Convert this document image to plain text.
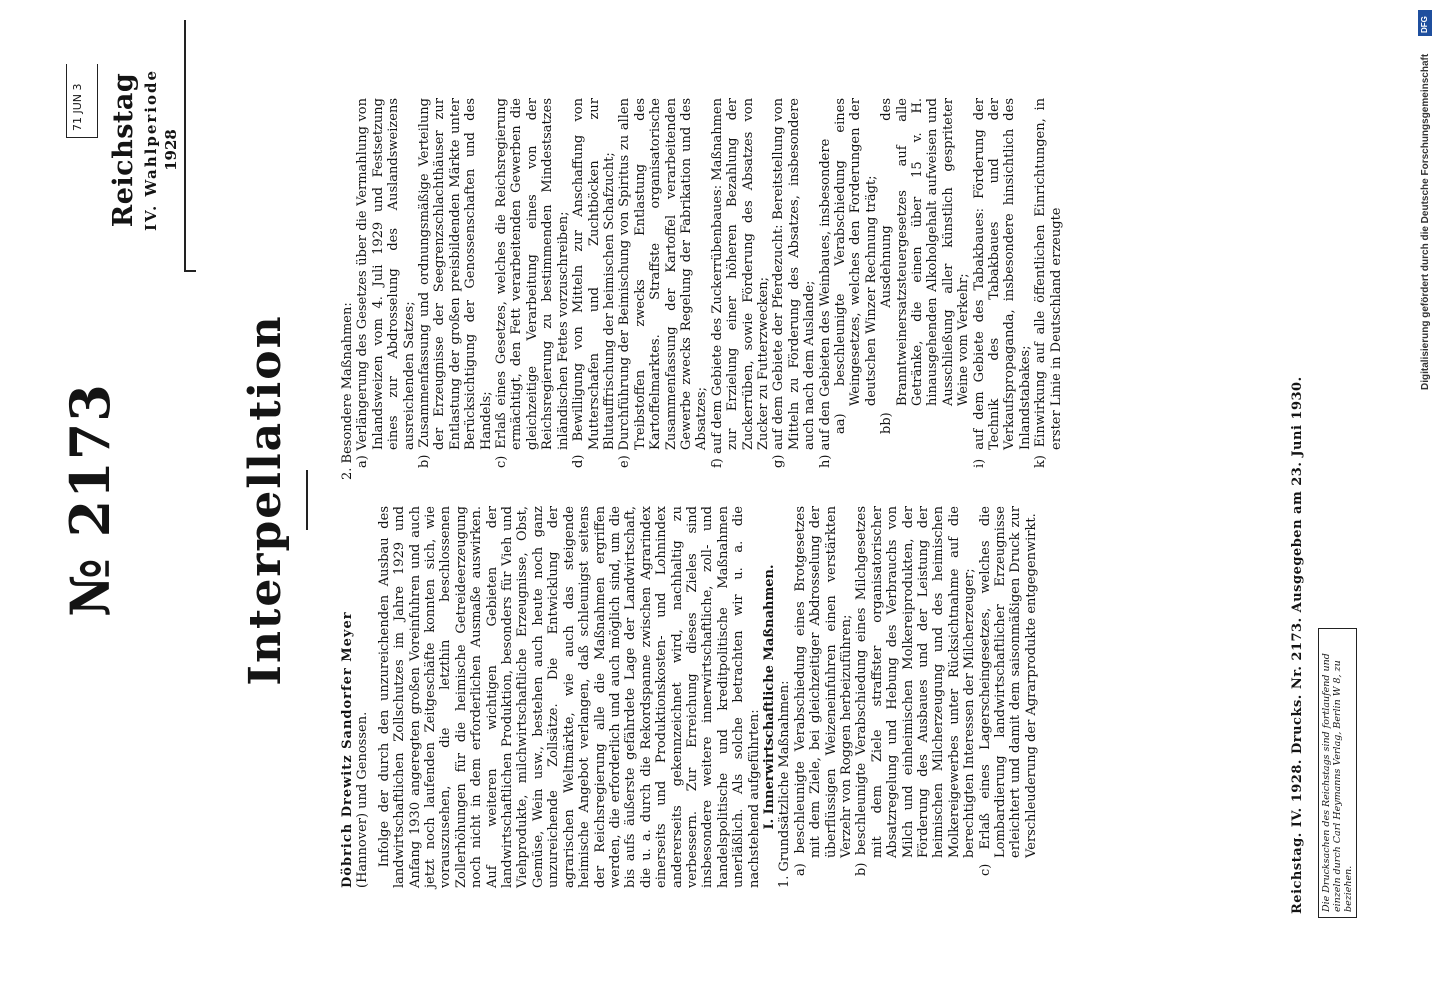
71 JUN 3 Reichstag IV. Wahlperiode 1928
№ 2173	Interpellation

Döbrich Drewitz Sandorfer Meyer (Hannover) und Genossen. Infolge der durch den unzureichenden Ausbau des landwirtschaftlichen Zollschutzes im Jahre 1929 und Anfang 1930 angeregten großen Voreinfuhren und auch jetzt noch laufenden Zeitgeschäfte konnten sich, wie vorauszusehen, die letzthin beschlossenen Zollerhöhungen für die heimische Getreideerzeugung noch nicht in dem erforderlichen Ausmaße auswirken. Auf weiteren wichtigen Gebieten der landwirtschaftlichen Produktion, besonders für Vieh und Viehprodukte, milchwirtschaftliche Erzeugnisse, Obst, Gemüse, Wein usw., bestehen auch heute noch ganz unzureichende Zollsätze. Die Entwicklung der agrarischen Weltmärkte, wie auch das steigende heimische Angebot verlangen, daß schleunigst seitens der Reichsregierung alle die Maßnahmen ergriffen werden, die erforderlich und auch möglich sind, um die bis aufs äußerste gefährdete Lage der Landwirtschaft, die u. a. durch die Rekordspanne zwischen Agrarindex einerseits und Produktionskosten- und Lohnindex andererseits gekennzeichnet wird, nachhaltig zu verbessern. Zur Erreichung dieses Zieles sind insbesondere weitere innerwirtschaftliche, zoll- und handelspolitische und kreditpolitische Maßnahmen unerläßlich. Als solche betrachten wir u. a. die nachstehend aufgeführten: I. Innerwirtschaftliche Maßnahmen. 1. Grundsätzliche Maßnahmen: a) beschleunigte Verabschiedung eines Brotgesetzes mit dem Ziele, bei gleichzeitiger Abdrosselung der überflüssigen Weizeneinfuhren einen verstärkten Verzehr von Roggen herbeizuführen; b) beschleunigte Verabschiedung eines Milchgesetzes mit dem Ziele straffster organisatorischer Absatzregelung und Hebung des Verbrauchs von Milch und einheimischen Molkereiprodukten, der Förderung des Ausbaues und der Leistung der heimischen Milcherzeugung und des heimischen Molkereigewerbes unter Rücksichtnahme auf die berechtigten Interessen der Milcherzeuger; c) Erlaß eines Lagerscheingesetzes, welches die Lombardierung landwirtschaftlicher Erzeugnisse erleichtert und damit dem saisonmäßigen Druck zur Verschleuderung der Agrarprodukte entgegenwirkt.

2. Besondere Maßnahmen: a) Verlängerung des Gesetzes über die Vermahlung von Inlandsweizen vom 4. Juli 1929 und Festsetzung eines zur Abdrosselung des Auslandsweizens ausreichenden Satzes; b) Zusammenfassung und ordnungsmäßige Verteilung der Erzeugnisse der Seegrenzschlachthäuser zur Entlastung der großen preisbildenden Märkte unter Berücksichtigung der Genossenschaften und des Handels; c) Erlaß eines Gesetzes, welches die Reichsregierung ermächtigt, den Fett verarbeitenden Gewerben die gleichzeitige Verarbeitung eines von der Reichsregierung zu bestimmenden Mindestsatzes inländischen Fettes vorzuschreiben; d) Bewilligung von Mitteln zur Anschaffung von Mutterschafen und Zuchtböcken zur Blutauffrischung der heimischen Schafzucht; e) Durchführung der Beimischung von Spiritus zu allen Treibstoffen zwecks Entlastung des Kartoffelmarktes. Straffste organisatorische Zusammenfassung der Kartoffel verarbeitenden Gewerbe zwecks Regelung der Fabrikation und des Absatzes; f) auf dem Gebiete des Zuckerrübenbaues: Maßnahmen zur Erzielung einer höheren Bezahlung der Zuckerrüben, sowie Förderung des Absatzes von Zucker zu Futterzwecken; g) auf dem Gebiete der Pferdezucht: Bereitstellung von Mitteln zu Förderung des Absatzes, insbesondere auch nach dem Auslande; h) auf den Gebieten des Weinbaues, insbesondere aa) beschleunigte Verabschiedung eines Weingesetzes, welches den Forderungen der deutschen Winzer Rechnung trägt; bb) Ausdehnung des Branntweinersatzsteuergesetzes auf alle Getränke, die einen über 15 v. H. hinausgehenden Alkoholgehalt aufweisen und Ausschließung aller künstlich gespriteter Weine vom Verkehr; i) auf dem Gebiete des Tabakbaues: Förderung der Technik des Tabakbaues und der Verkaufspropaganda, insbesondere hinsichtlich des Inlandstabakes; k) Einwirkung auf alle öffentlichen Einrichtungen, in erster Linie in Deutschland erzeugte

Reichstag. IV. 1928. Drucks. Nr. 2173. Ausgegeben am 23. Juni 1930.	Die Drucksachen des Reichstags sind fortlaufend und einzeln durch Carl Heymanns Verlag, Berlin W 8, zu beziehen.
Digitalisierung gefördert durch die Deutsche Forschungsgemeinschaft
DFG
